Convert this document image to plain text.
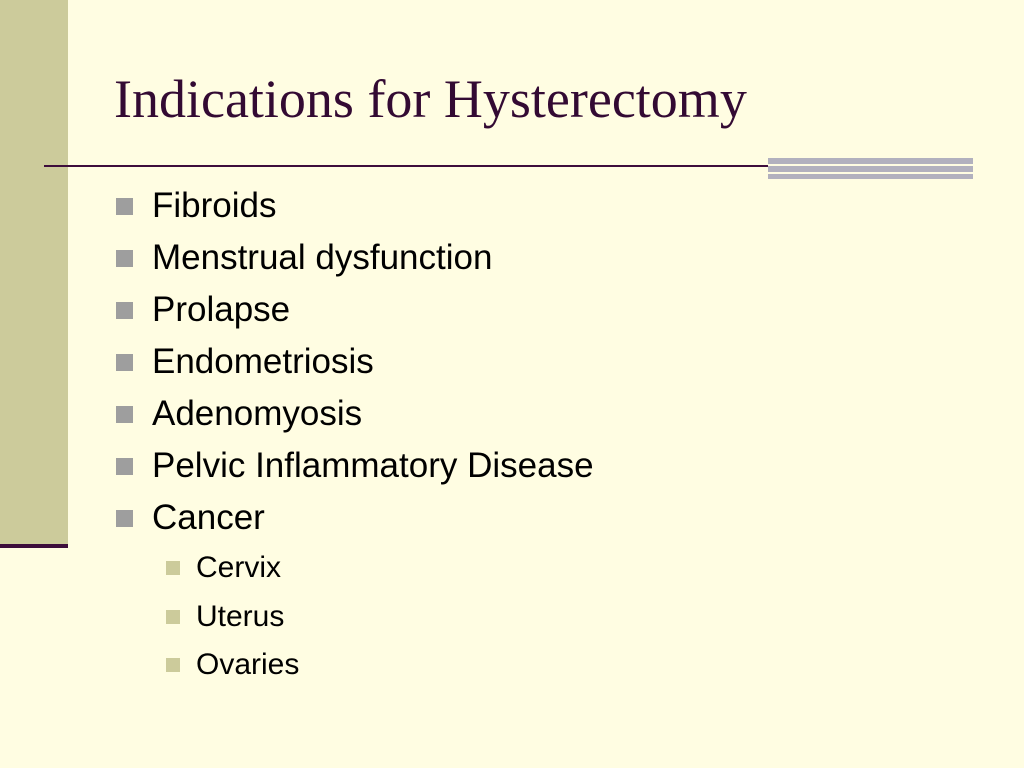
Indications for Hysterectomy
Fibroids
Menstrual dysfunction
Prolapse
Endometriosis
Adenomyosis
Pelvic Inflammatory Disease
Cancer
Cervix
Uterus
Ovaries
